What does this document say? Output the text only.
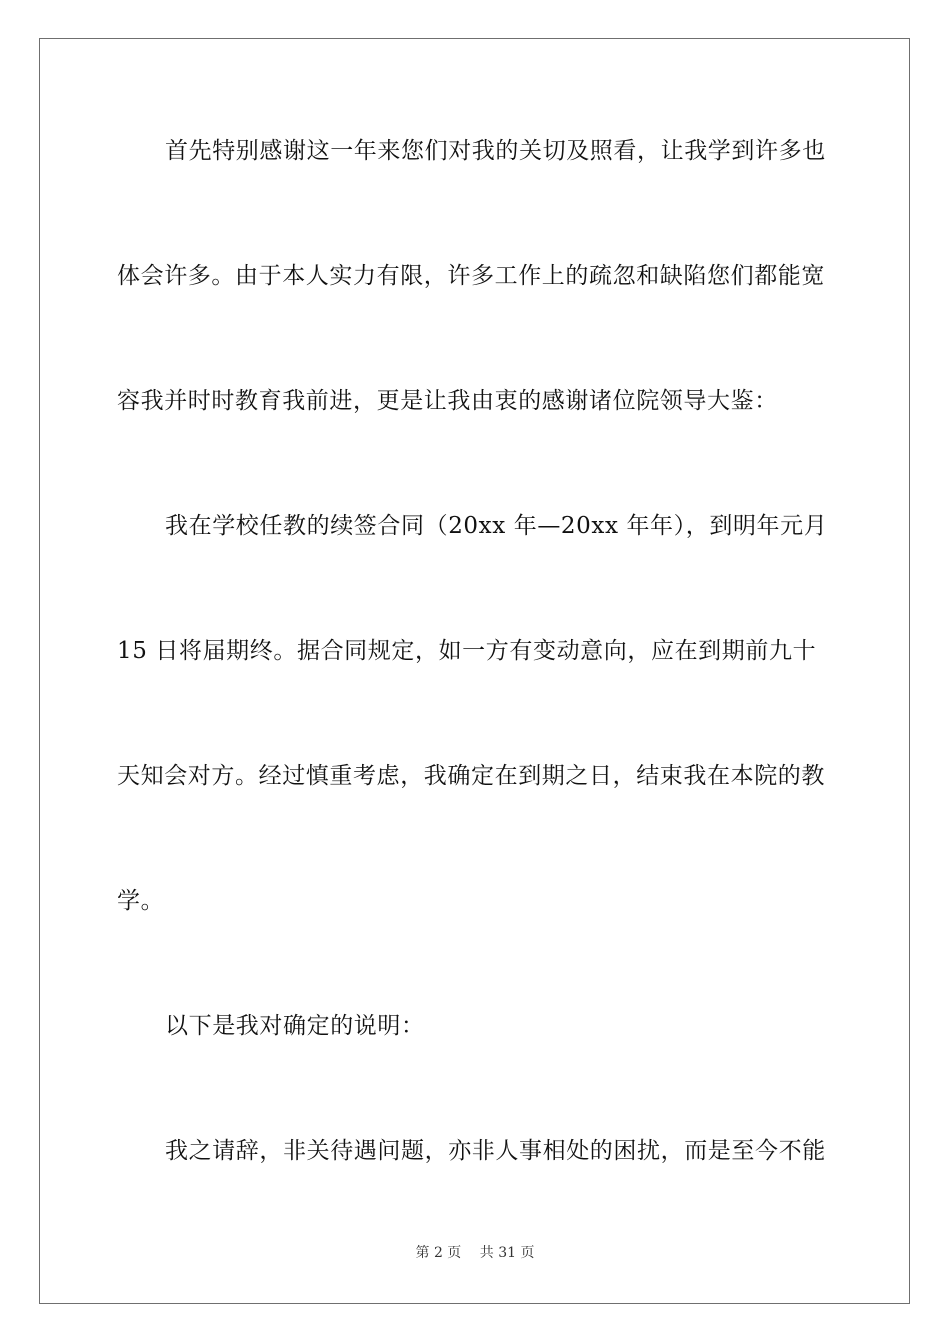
首先特别感谢这一年来您们对我的关切及照看，让我学到许多也
体会许多。由于本人实力有限，许多工作上的疏忽和缺陷您们都能宽
容我并时时教育我前进，更是让我由衷的感谢诸位院领导大鉴：
我在学校任教的续签合同（20xx 年—20xx 年年），到明年元月
15 日将届期终。据合同规定，如一方有变动意向，应在到期前九十
天知会对方。经过慎重考虑，我确定在到期之日，结束我在本院的教
学。
以下是我对确定的说明：
我之请辞，非关待遇问题，亦非人事相处的困扰，而是至今不能
第 2 页 共 31 页
